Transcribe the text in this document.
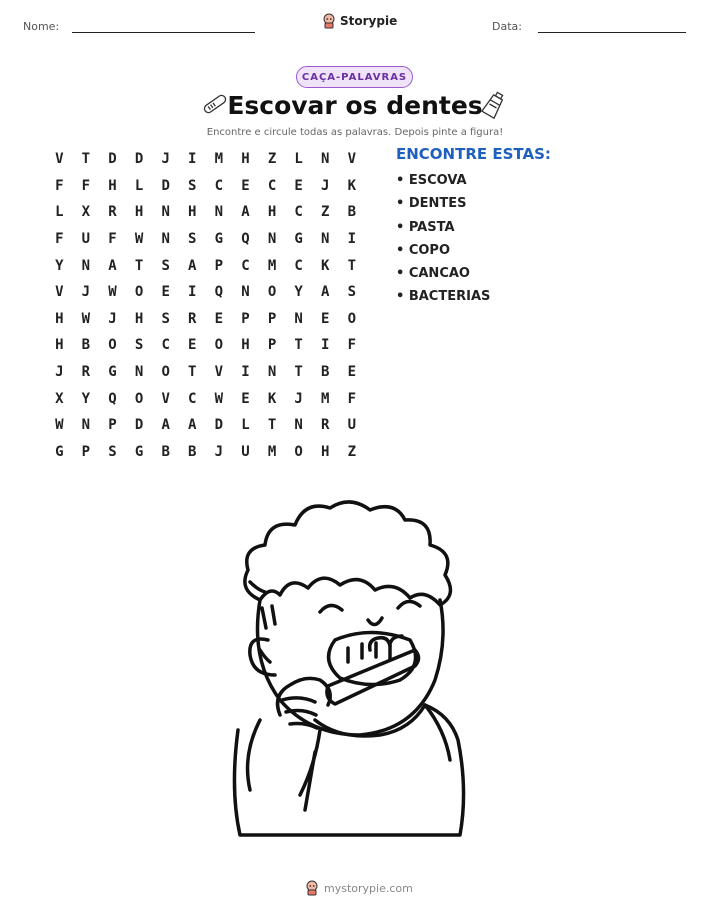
Nome:	Storypie	Data:
CAÇA-PALAVRAS
Escovar os dentes
Encontre e circule todas as palavras. Depois pinte a figura!
V	T	D	D	J	I	M	H	Z	L	N	V
F	F	H	L	D	S	C	E	C	E	J	K
L	X	R	H	N	H	N	A	H	C	Z	B
F	U	F	W	N	S	G	Q	N	G	N	I
Y	N	A	T	S	A	P	C	M	C	K	T
V	J	W	O	E	I	Q	N	O	Y	A	S
H	W	J	H	S	R	E	P	P	N	E	O
H	B	O	S	C	E	O	H	P	T	I	F
J	R	G	N	O	T	V	I	N	T	B	E
X	Y	Q	O	V	C	W	E	K	J	M	F
W	N	P	D	A	A	D	L	T	N	R	U
G	P	S	G	B	B	J	U	M	O	H	Z
ENCONTRE ESTAS:
• ESCOVA
• DENTES
• PASTA
• COPO
• CANCAO
• BACTERIAS
mystorypie.com
